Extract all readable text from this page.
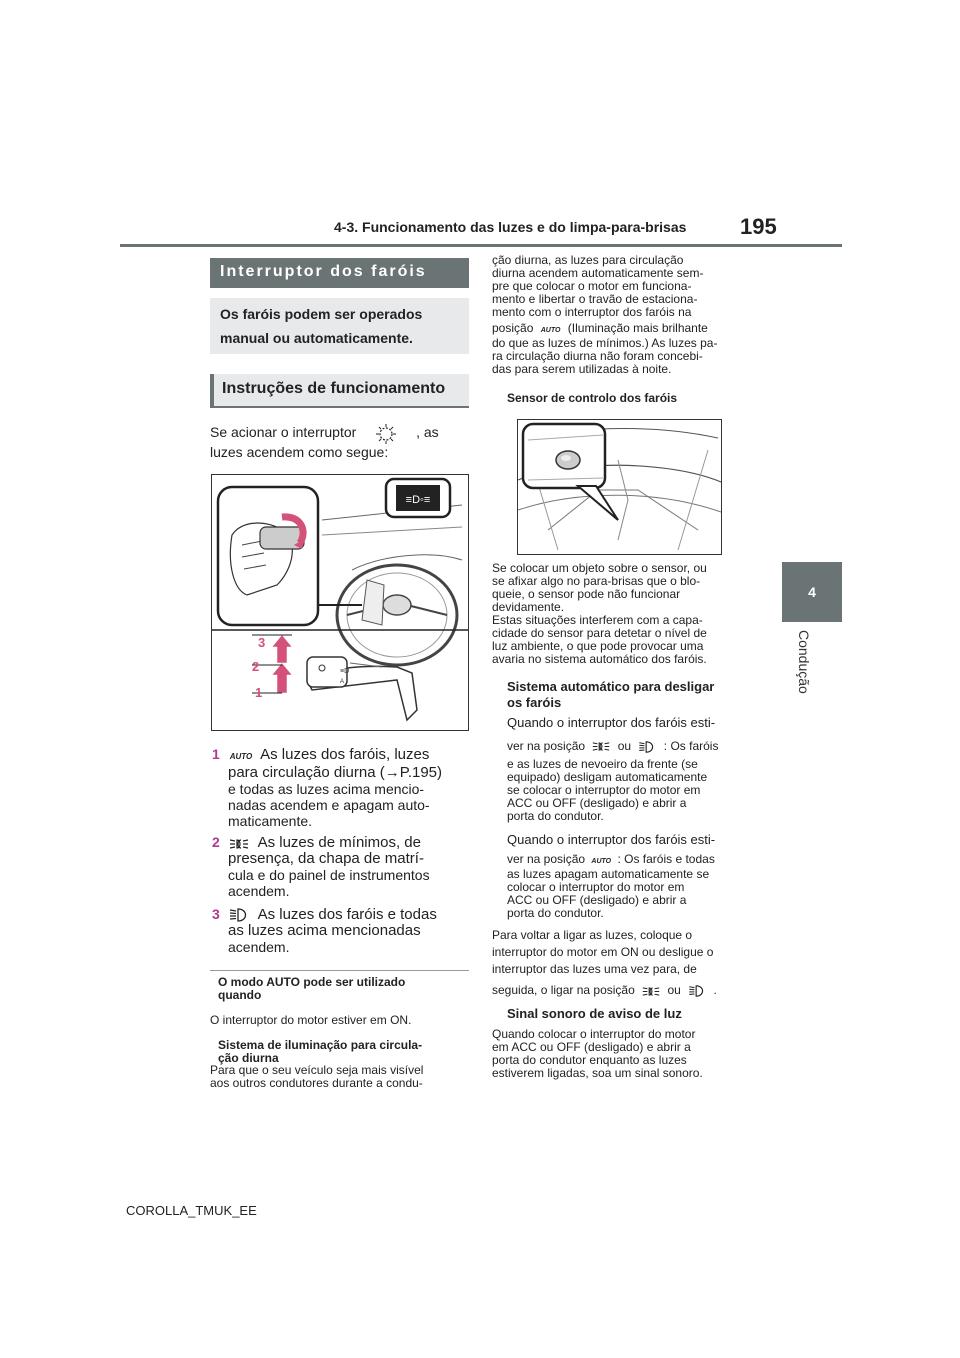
4-3. Funcionamento das luzes e do limpa-para-brisas 195
4
Condução
Interruptor dos faróis
Os faróis podem ser operados
manual ou automaticamente.
Instruções de funcionamento
Se acionar o interruptor	, as
luzes acendem como segue:
≡D◦≡
≡D
A
3
2
1
1 AUTO As luzes dos faróis, luzes
para circulação diurna (→P.195)
e todas as luzes acima mencio-
nadas acendem e apagam auto-
maticamente.
2	As luzes de mínimos, de
presença, da chapa de matrí-
cula e do painel de instrumentos
acendem.
3	As luzes dos faróis e todas
as luzes acima mencionadas
acendem.
O modo AUTO pode ser utilizado
quando
O interruptor do motor estiver em ON.
Sistema de iluminação para circula-
ção diurna
Para que o seu veículo seja mais visível
aos outros condutores durante a condu-
ção diurna, as luzes para circulação
diurna acendem automaticamente sem-
pre que colocar o motor em funciona-
mento e libertar o travão de estaciona-
mento com o interruptor dos faróis na
posição AUTO (Iluminação mais brilhante
do que as luzes de mínimos.) As luzes pa-
ra circulação diurna não foram concebi-
das para serem utilizadas à noite.
Sensor de controlo dos faróis
Se colocar um objeto sobre o sensor, ou
se afixar algo no para-brisas que o blo-
queie, o sensor pode não funcionar
devidamente.
Estas situações interferem com a capa-
cidade do sensor para detetar o nível de
luz ambiente, o que pode provocar uma
avaria no sistema automático dos faróis.
Sistema automático para desligar
os faróis
Quando o interruptor dos faróis esti-
ver na posição	ou	: Os faróis
e as luzes de nevoeiro da frente (se
equipado) desligam automaticamente
se colocar o interruptor do motor em
ACC ou OFF (desligado) e abrir a
porta do condutor.
Quando o interruptor dos faróis esti-
ver na posição AUTO : Os faróis e todas
as luzes apagam automaticamente se
colocar o interruptor do motor em
ACC ou OFF (desligado) e abrir a
porta do condutor.
Para voltar a ligar as luzes, coloque o
interruptor do motor em ON ou desligue o
interruptor das luzes uma vez para, de
seguida, o ligar na posição	ou	.
Sinal sonoro de aviso de luz
Quando colocar o interruptor do motor
em ACC ou OFF (desligado) e abrir a
porta do condutor enquanto as luzes
estiverem ligadas, soa um sinal sonoro.
COROLLA_TMUK_EE
